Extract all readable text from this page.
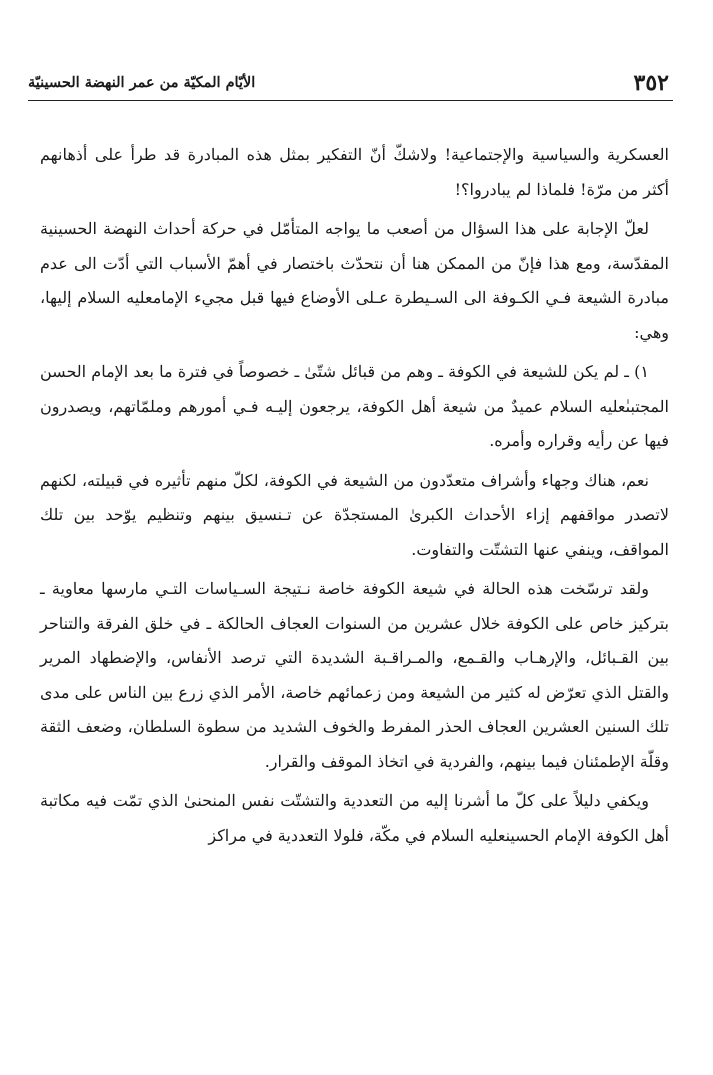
٣٥٢
الأيّام المكيّة من عمر النهضة الحسينيّة

العسكرية والسياسية والإجتماعية! ولاشكّ أنّ التفكير بمثل هذه المبادرة قد طرأ على أذهانهم أكثر من مرّة! فلماذا لم يبادروا؟!

لعلّ الإجابة على هذا السؤال من أصعب ما يواجه المتأمّل في حركة أحداث النهضة الحسينية المقدّسة، ومع هذا فإنّ من الممكن هنا أن نتحدّث باختصار في أهمّ الأسباب التي أدّت الى عدم مبادرة الشيعة فـي الكـوفة الى السـيطرة عـلى الأوضاع فيها قبل مجيء الإمامعليه السلام إليها، وهي:

١) ـ لم يكن للشيعة في الكوفة ـ وهم من قبائل شتّىٰ ـ خصوصاً في فترة ما بعد الإمام الحسن المجتبىٰعليه السلام عميدٌ من شيعة أهل الكوفة، يرجعون إليـه فـي أمورهم وملمّاتهم، ويصدرون فيها عن رأيه وقراره وأمره.

نعم، هناك وجهاء وأشراف متعدّدون من الشيعة في الكوفة، لكلّ منهم تأثيره في قبيلته، لكنهم لاتصدر مواقفهم إزاء الأحداث الكبرىٰ المستجدّة عن تـنسيق بينهم وتنظيم يوّحد بين تلك المواقف، وينفي عنها التشتّت والتفاوت.

ولقد ترسّخت هذه الحالة في شيعة الكوفة خاصة نـتيجة السـياسات التـي مارسها معاوية ـ بتركيز خاص على الكوفة خلال عشرين من السنوات العجاف الحالكة ـ في خلق الفرقة والتناحر بين القـبائل، والإرهـاب والقـمع، والمـراقـبة الشديدة التي ترصد الأنفاس، والإضطهاد المرير والقتل الذي تعرّض له كثير من الشيعة ومن زعمائهم خاصة، الأمر الذي زرع بين الناس على مدى تلك السنين العشرين العجاف الحذر المفرط والخوف الشديد من سطوة السلطان، وضعف الثقة وقلّة الإطمئنان فيما بينهم، والفردية في اتخاذ الموقف والقرار.

ويكفي دليلاً على كلّ ما أشرنا إليه من التعددية والتشتّت نفس المنحنىٰ الذي تمّت فيه مكاتبة أهل الكوفة الإمام الحسينعليه السلام في مكّة، فلولا التعددية في مراكز
